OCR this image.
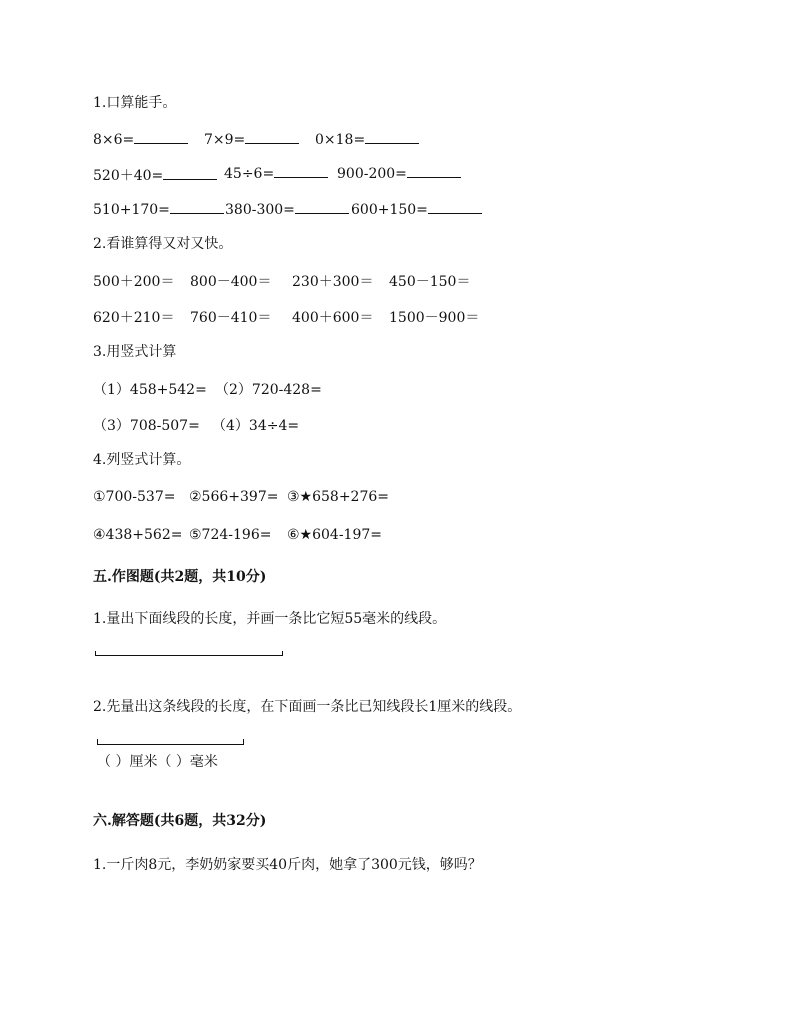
1.口算能手。
8×6=	7×9=	0×18=
520＋40=	45÷6=	900-200=
510+170=	380-300=	600+150=
2.看谁算得又对又快。
500＋200＝ 800－400＝ 230＋300＝ 450－150＝
620＋210＝ 760－410＝ 400＋600＝ 1500－900＝
3.用竖式计算
（1）458+542= （2）720-428=
（3）708-507= （4）34÷4=
4.列竖式计算。
①700-537= ②566+397= ③★658+276=
④438+562= ⑤724-196= ⑥★604-197=
五.作图题(共2题，共10分)
1.量出下面线段的长度，并画一条比它短55毫米的线段。
2.先量出这条线段的长度，在下面画一条比已知线段长1厘米的线段。
（ ）厘米（ ）毫米
六.解答题(共6题，共32分)
1.一斤肉8元，李奶奶家要买40斤肉，她拿了300元钱，够吗？
